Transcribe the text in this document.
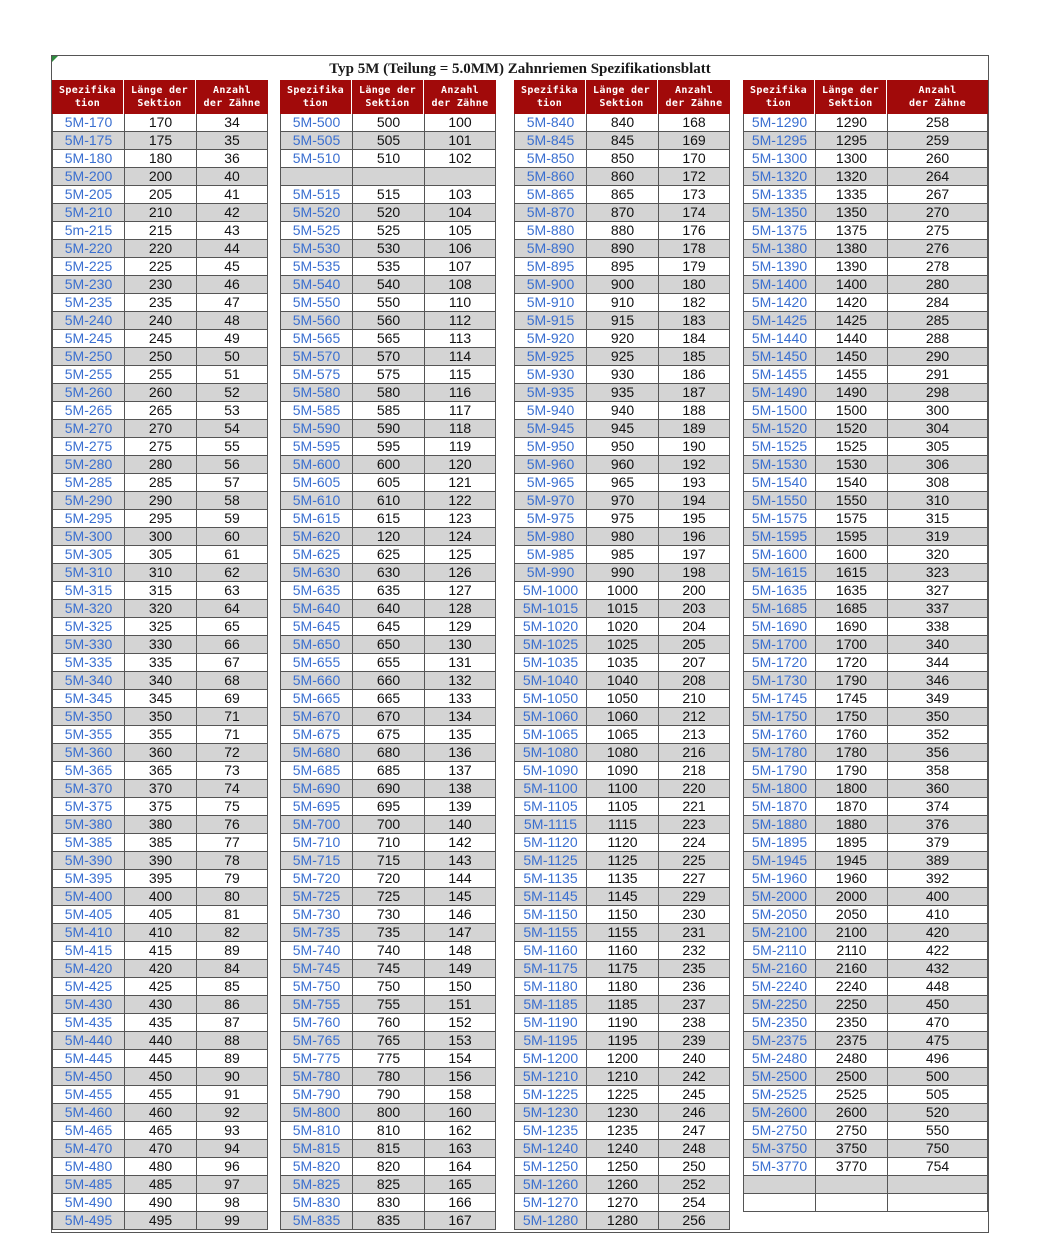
Typ 5M (Teilung = 5.0MM) Zahnriemen Spezifikationsblatt
Spezifika
tion
Länge der
Sektion
Anzahl
der Zähne
5M-170	170	34
5M-175	175	35
5M-180	180	36
5M-200	200	40
5M-205	205	41
5M-210	210	42
5m-215	215	43
5M-220	220	44
5M-225	225	45
5M-230	230	46
5M-235	235	47
5M-240	240	48
5M-245	245	49
5M-250	250	50
5M-255	255	51
5M-260	260	52
5M-265	265	53
5M-270	270	54
5M-275	275	55
5M-280	280	56
5M-285	285	57
5M-290	290	58
5M-295	295	59
5M-300	300	60
5M-305	305	61
5M-310	310	62
5M-315	315	63
5M-320	320	64
5M-325	325	65
5M-330	330	66
5M-335	335	67
5M-340	340	68
5M-345	345	69
5M-350	350	71
5M-355	355	71
5M-360	360	72
5M-365	365	73
5M-370	370	74
5M-375	375	75
5M-380	380	76
5M-385	385	77
5M-390	390	78
5M-395	395	79
5M-400	400	80
5M-405	405	81
5M-410	410	82
5M-415	415	89
5M-420	420	84
5M-425	425	85
5M-430	430	86
5M-435	435	87
5M-440	440	88
5M-445	445	89
5M-450	450	90
5M-455	455	91
5M-460	460	92
5M-465	465	93
5M-470	470	94
5M-480	480	96
5M-485	485	97
5M-490	490	98
5M-495	495	99
Spezifika
tion
Länge der
Sektion
Anzahl
der Zähne
5M-500	500	100
5M-505	505	101
5M-510	510	102
5M-515	515	103
5M-520	520	104
5M-525	525	105
5M-530	530	106
5M-535	535	107
5M-540	540	108
5M-550	550	110
5M-560	560	112
5M-565	565	113
5M-570	570	114
5M-575	575	115
5M-580	580	116
5M-585	585	117
5M-590	590	118
5M-595	595	119
5M-600	600	120
5M-605	605	121
5M-610	610	122
5M-615	615	123
5M-620	120	124
5M-625	625	125
5M-630	630	126
5M-635	635	127
5M-640	640	128
5M-645	645	129
5M-650	650	130
5M-655	655	131
5M-660	660	132
5M-665	665	133
5M-670	670	134
5M-675	675	135
5M-680	680	136
5M-685	685	137
5M-690	690	138
5M-695	695	139
5M-700	700	140
5M-710	710	142
5M-715	715	143
5M-720	720	144
5M-725	725	145
5M-730	730	146
5M-735	735	147
5M-740	740	148
5M-745	745	149
5M-750	750	150
5M-755	755	151
5M-760	760	152
5M-765	765	153
5M-775	775	154
5M-780	780	156
5M-790	790	158
5M-800	800	160
5M-810	810	162
5M-815	815	163
5M-820	820	164
5M-825	825	165
5M-830	830	166
5M-835	835	167
Spezifika
tion
Länge der
Sektion
Anzahl
der Zähne
5M-840	840	168
5M-845	845	169
5M-850	850	170
5M-860	860	172
5M-865	865	173
5M-870	870	174
5M-880	880	176
5M-890	890	178
5M-895	895	179
5M-900	900	180
5M-910	910	182
5M-915	915	183
5M-920	920	184
5M-925	925	185
5M-930	930	186
5M-935	935	187
5M-940	940	188
5M-945	945	189
5M-950	950	190
5M-960	960	192
5M-965	965	193
5M-970	970	194
5M-975	975	195
5M-980	980	196
5M-985	985	197
5M-990	990	198
5M-1000	1000	200
5M-1015	1015	203
5M-1020	1020	204
5M-1025	1025	205
5M-1035	1035	207
5M-1040	1040	208
5M-1050	1050	210
5M-1060	1060	212
5M-1065	1065	213
5M-1080	1080	216
5M-1090	1090	218
5M-1100	1100	220
5M-1105	1105	221
5M-1115	1115	223
5M-1120	1120	224
5M-1125	1125	225
5M-1135	1135	227
5M-1145	1145	229
5M-1150	1150	230
5M-1155	1155	231
5M-1160	1160	232
5M-1175	1175	235
5M-1180	1180	236
5M-1185	1185	237
5M-1190	1190	238
5M-1195	1195	239
5M-1200	1200	240
5M-1210	1210	242
5M-1225	1225	245
5M-1230	1230	246
5M-1235	1235	247
5M-1240	1240	248
5M-1250	1250	250
5M-1260	1260	252
5M-1270	1270	254
5M-1280	1280	256
Spezifika
tion
Länge der
Sektion
Anzahl
der Zähne
5M-1290	1290	258
5M-1295	1295	259
5M-1300	1300	260
5M-1320	1320	264
5M-1335	1335	267
5M-1350	1350	270
5M-1375	1375	275
5M-1380	1380	276
5M-1390	1390	278
5M-1400	1400	280
5M-1420	1420	284
5M-1425	1425	285
5M-1440	1440	288
5M-1450	1450	290
5M-1455	1455	291
5M-1490	1490	298
5M-1500	1500	300
5M-1520	1520	304
5M-1525	1525	305
5M-1530	1530	306
5M-1540	1540	308
5M-1550	1550	310
5M-1575	1575	315
5M-1595	1595	319
5M-1600	1600	320
5M-1615	1615	323
5M-1635	1635	327
5M-1685	1685	337
5M-1690	1690	338
5M-1700	1700	340
5M-1720	1720	344
5M-1730	1790	346
5M-1745	1745	349
5M-1750	1750	350
5M-1760	1760	352
5M-1780	1780	356
5M-1790	1790	358
5M-1800	1800	360
5M-1870	1870	374
5M-1880	1880	376
5M-1895	1895	379
5M-1945	1945	389
5M-1960	1960	392
5M-2000	2000	400
5M-2050	2050	410
5M-2100	2100	420
5M-2110	2110	422
5M-2160	2160	432
5M-2240	2240	448
5M-2250	2250	450
5M-2350	2350	470
5M-2375	2375	475
5M-2480	2480	496
5M-2500	2500	500
5M-2525	2525	505
5M-2600	2600	520
5M-2750	2750	550
5M-3750	3750	750
5M-3770	3770	754
